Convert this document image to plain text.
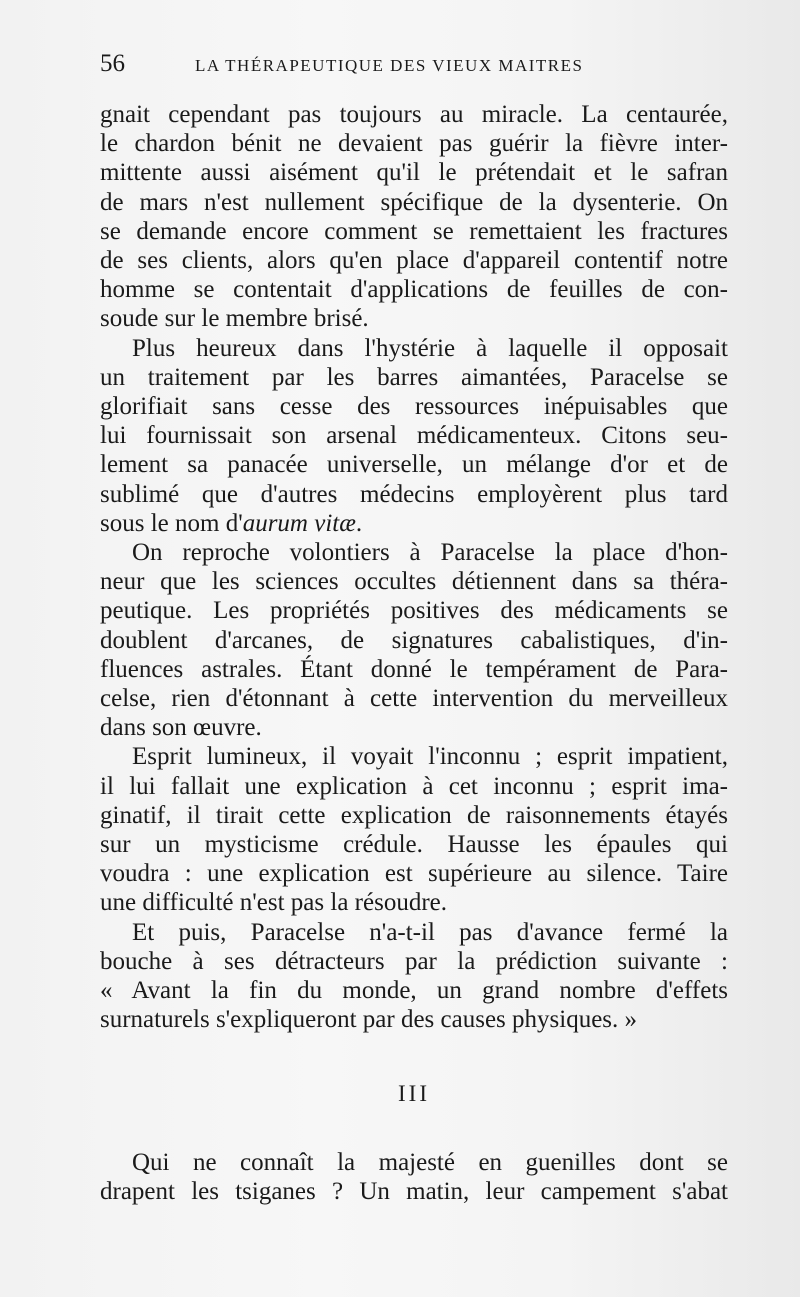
56	LA THÉRAPEUTIQUE DES VIEUX MAITRES

gnait cependant pas toujours au miracle. La centaurée,

le chardon bénit ne devaient pas guérir la fièvre inter-

mittente aussi aisément qu'il le prétendait et le safran

de mars n'est nullement spécifique de la dysenterie. On

se demande encore comment se remettaient les fractures

de ses clients, alors qu'en place d'appareil contentif notre

homme se contentait d'applications de feuilles de con-

soude sur le membre brisé.

Plus heureux dans l'hystérie à laquelle il opposait

un traitement par les barres aimantées, Paracelse se

glorifiait sans cesse des ressources inépuisables que

lui fournissait son arsenal médicamenteux. Citons seu-

lement sa panacée universelle, un mélange d'or et de

sublimé que d'autres médecins employèrent plus tard

sous le nom d'aurum vitæ.

On reproche volontiers à Paracelse la place d'hon-

neur que les sciences occultes détiennent dans sa théra-

peutique. Les propriétés positives des médicaments se

doublent d'arcanes, de signatures cabalistiques, d'in-

fluences astrales. Étant donné le tempérament de Para-

celse, rien d'étonnant à cette intervention du merveilleux

dans son œuvre.

Esprit lumineux, il voyait l'inconnu ; esprit impatient,

il lui fallait une explication à cet inconnu ; esprit ima-

ginatif, il tirait cette explication de raisonnements étayés

sur un mysticisme crédule. Hausse les épaules qui

voudra : une explication est supérieure au silence. Taire

une difficulté n'est pas la résoudre.

Et puis, Paracelse n'a-t-il pas d'avance fermé la

bouche à ses détracteurs par la prédiction suivante :

« Avant la fin du monde, un grand nombre d'effets

surnaturels s'expliqueront par des causes physiques. »

III

Qui ne connaît la majesté en guenilles dont se

drapent les tsiganes ? Un matin, leur campement s'abat
